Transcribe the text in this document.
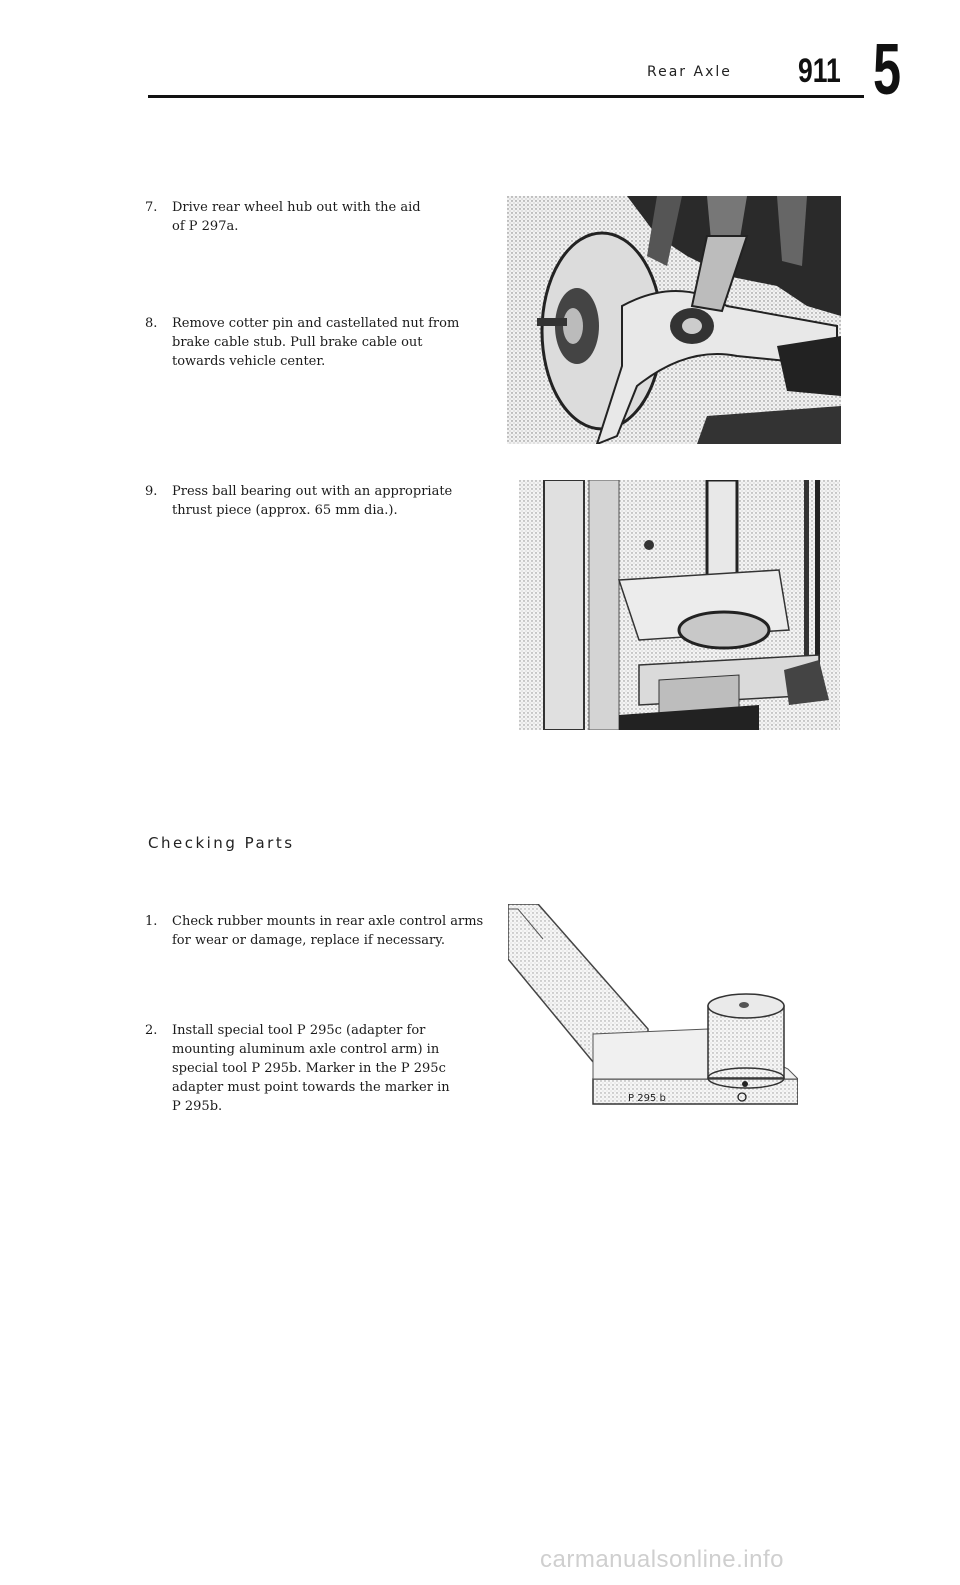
Rear Axle 911 5
7. Drive rear wheel hub out with the aid of P 297a.
8. Remove cotter pin and castellated nut from brake cable stub. Pull brake cable out towards vehicle center.
9. Press ball bearing out with an appropriate thrust piece (approx. 65 mm dia.).
Checking Parts
1. Check rubber mounts in rear axle control arms for wear or damage, replace if necessary.
2. Install special tool P 295c (adapter for mounting aluminum axle control arm) in special tool P 295b. Marker in the P 295c adapter must point towards the marker in P 295b.
P 295 b
carmanualsonline.info
